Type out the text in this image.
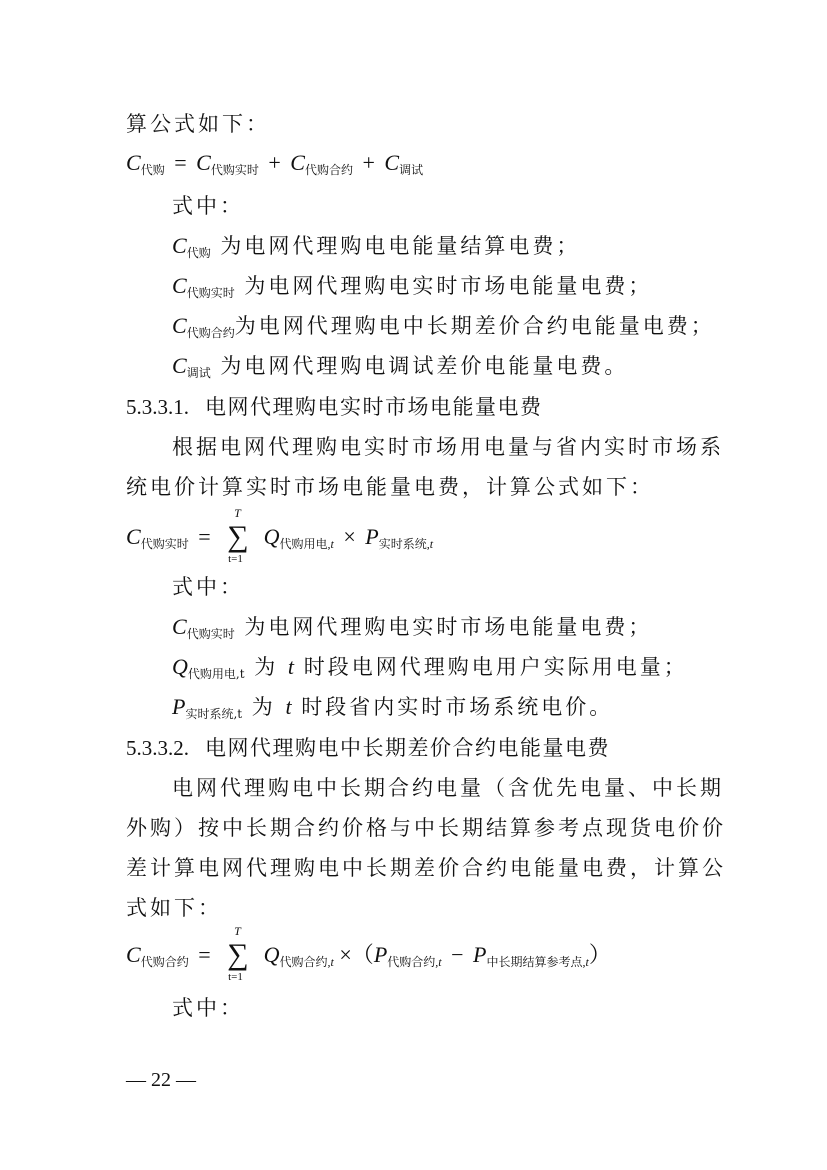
算公式如下：
$C_{代购} = C_{代购实时} + C_{代购合约} + C_{调试}$
式中：
$C_{代购}$ 为电网代理购电电能量结算电费；
$C_{代购实时}$ 为电网代理购电实时市场电能量电费；
$C_{代购合约}$为电网代理购电中长期差价合约电能量电费；
$C_{调试}$ 为电网代理购电调试差价电能量电费。
5.3.3.1. 电网代理购电实时市场电能量电费
根据电网代理购电实时市场用电量与省内实时市场系
统电价计算实时市场电能量电费，计算公式如下：
$C_{代购实时}$ =
T
∑
t=1
$Q_{代购用电},t \times P_{实时系统},t$
式中：
$C_{代购实时}$ 为电网代理购电实时市场电能量电费；
$Q_{代购用电,t}$ 为 t 时段电网代理购电用户实际用电量；
$P_{实时系统,t}$ 为 t 时段省内实时市场系统电价。
5.3.3.2. 电网代理购电中长期差价合约电能量电费
电网代理购电中长期合约电量（含优先电量、中长期
外购）按中长期合约价格与中长期结算参考点现货电价价
差计算电网代理购电中长期差价合约电能量电费，计算公
式如下：
$C_{代购合约}$ =
T
∑
t=1
$Q_{代购合约},t \times(P_{代购合约},t - P_{中长期结算参考点},t)$
式中：
— 22 —
